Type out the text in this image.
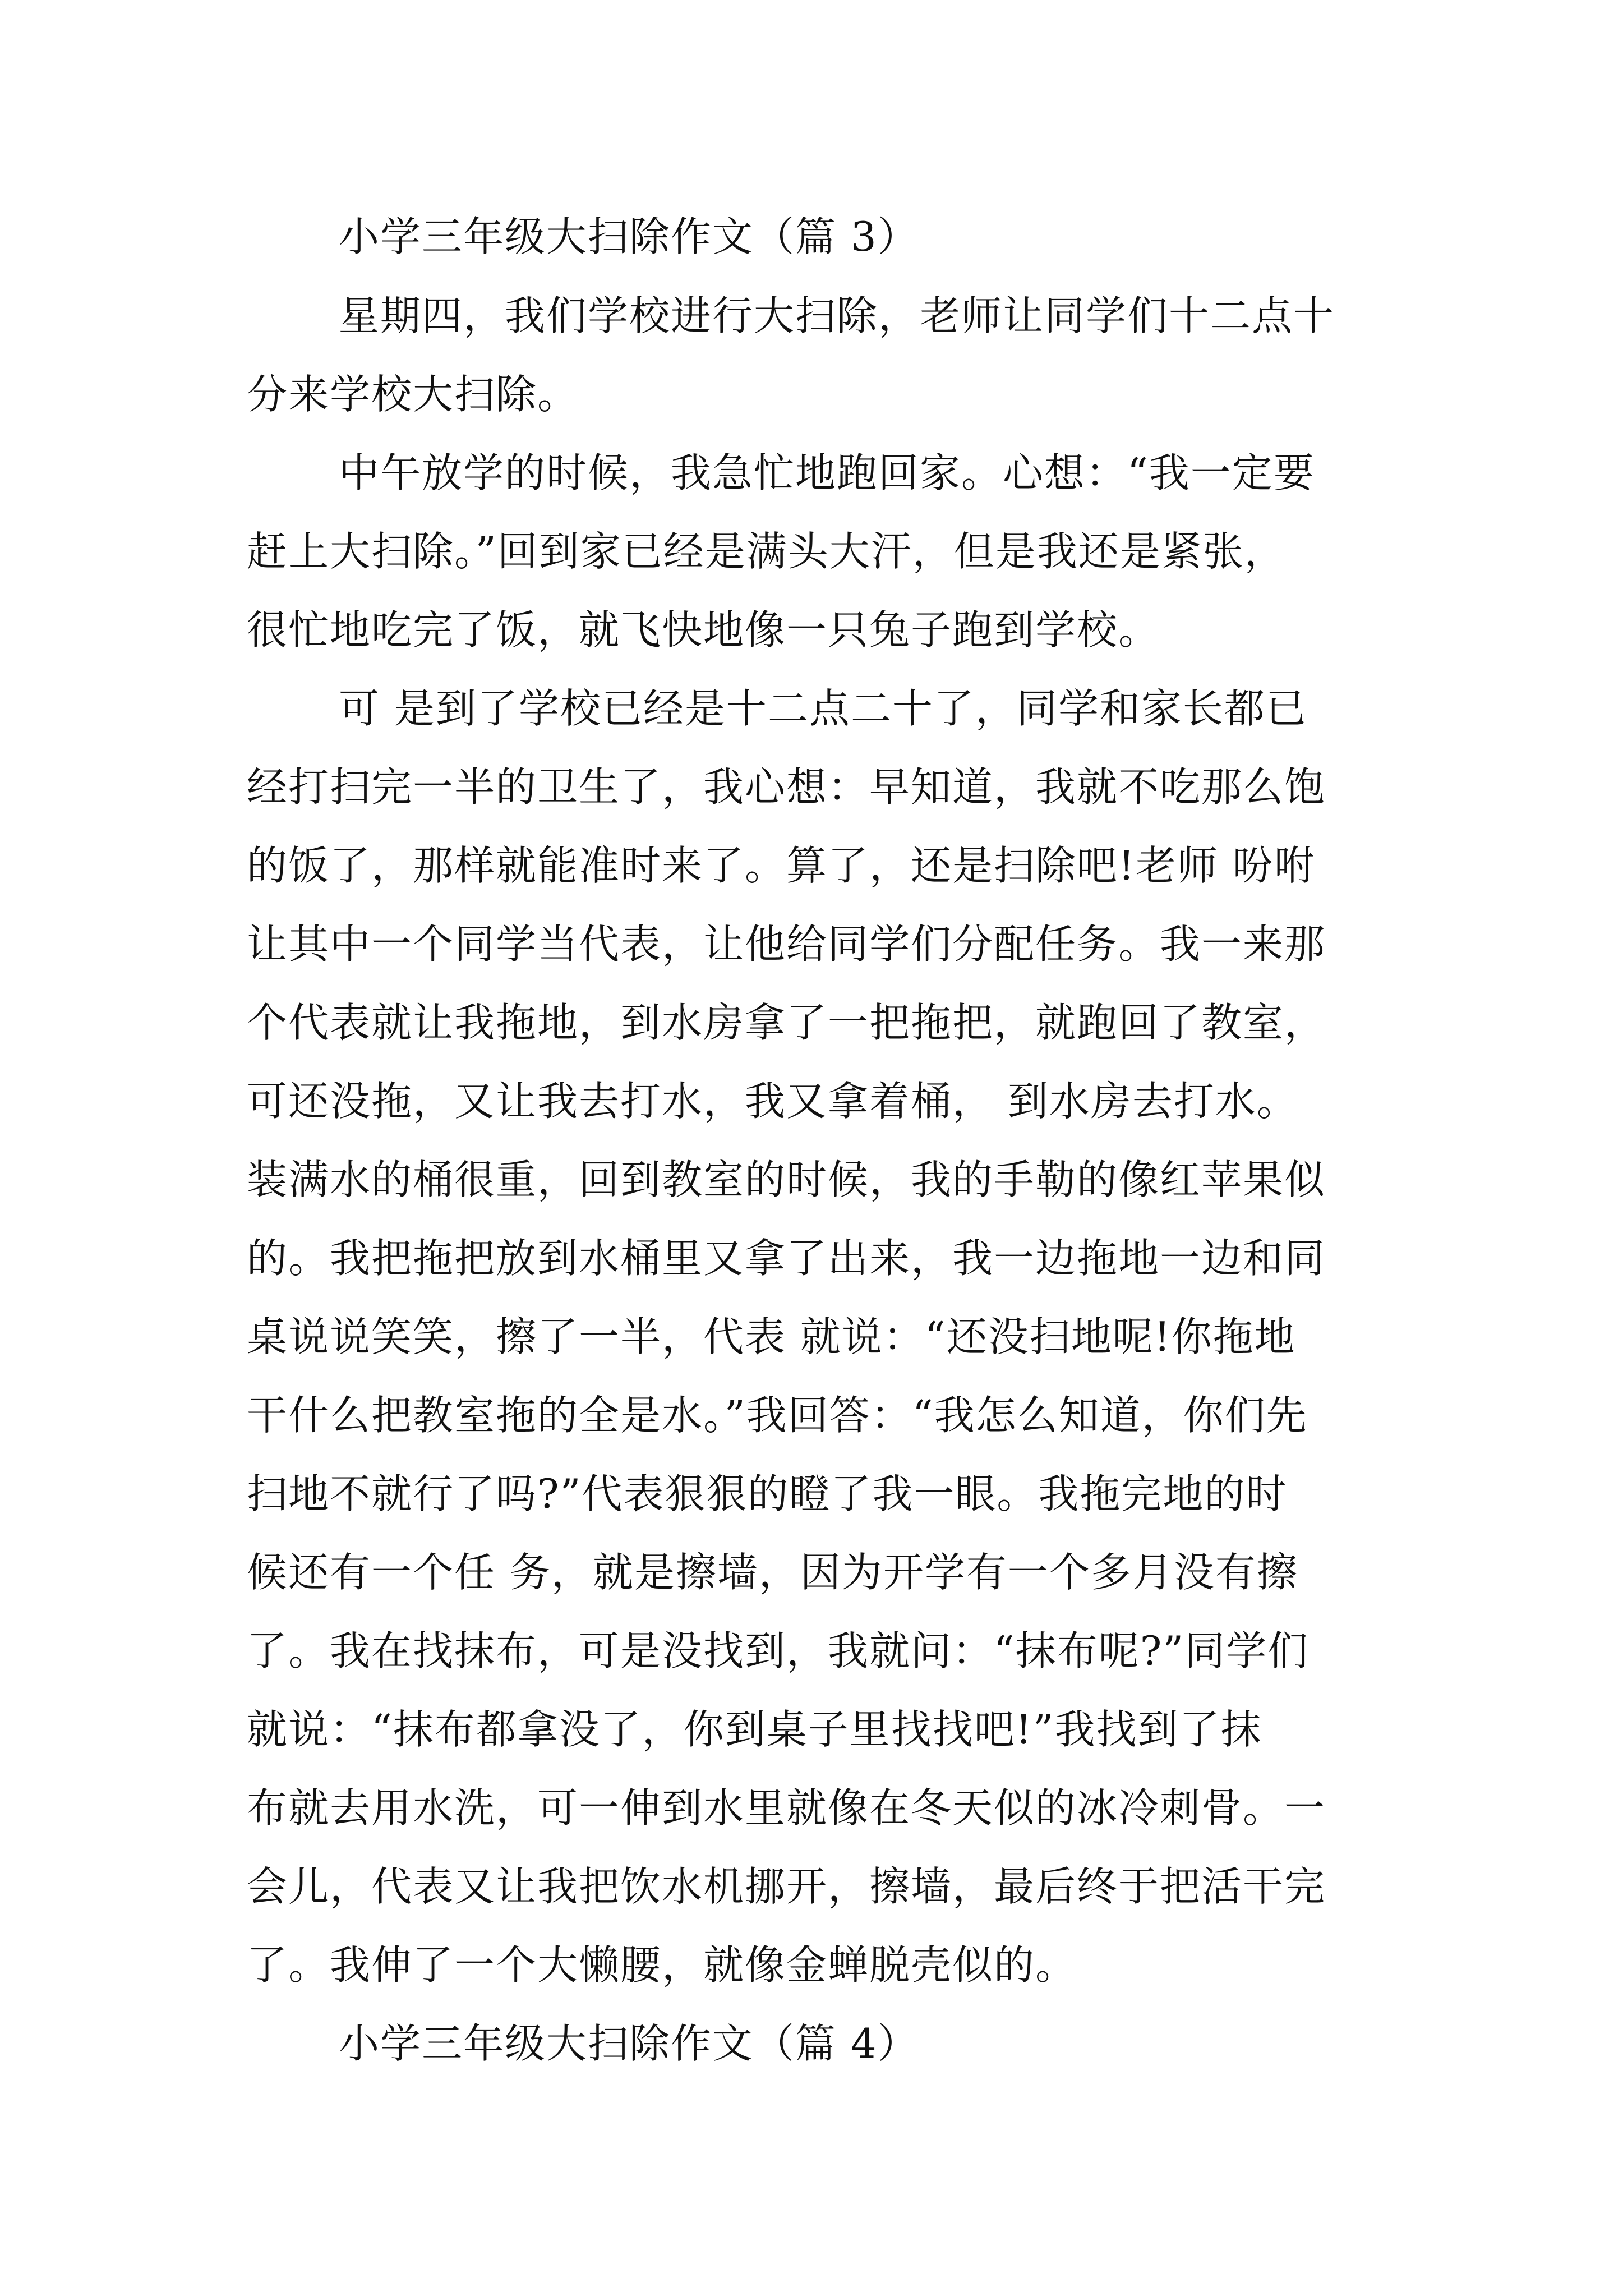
小学三年级大扫除作文（篇 3）
星期四，我们学校进行大扫除，老师让同学们十二点十
分来学校大扫除。
中午放学的时候，我急忙地跑回家。心想：“我一定要
赶上大扫除。”回到家已经是满头大汗，但是我还是紧张，
很忙地吃完了饭，就飞快地像一只兔子跑到学校。
可 是到了学校已经是十二点二十了，同学和家长都已
经打扫完一半的卫生了，我心想：早知道，我就不吃那么饱
的饭了，那样就能准时来了。算了，还是扫除吧!老师 吩咐
让其中一个同学当代表，让他给同学们分配任务。我一来那
个代表就让我拖地，到水房拿了一把拖把，就跑回了教室，
可还没拖，又让我去打水，我又拿着桶， 到水房去打水。
装满水的桶很重，回到教室的时候，我的手勒的像红苹果似
的。我把拖把放到水桶里又拿了出来，我一边拖地一边和同
桌说说笑笑，擦了一半，代表 就说：“还没扫地呢!你拖地
干什么把教室拖的全是水。”我回答：“我怎么知道，你们先
扫地不就行了吗?”代表狠狠的瞪了我一眼。我拖完地的时
候还有一个任 务，就是擦墙，因为开学有一个多月没有擦
了。我在找抹布，可是没找到，我就问：“抹布呢?”同学们
就说：“抹布都拿没了，你到桌子里找找吧!”我找到了抹
布就去用水洗，可一伸到水里就像在冬天似的冰冷刺骨。一
会儿，代表又让我把饮水机挪开，擦墙，最后终于把活干完
了。我伸了一个大懒腰，就像金蝉脱壳似的。
小学三年级大扫除作文（篇 4）
